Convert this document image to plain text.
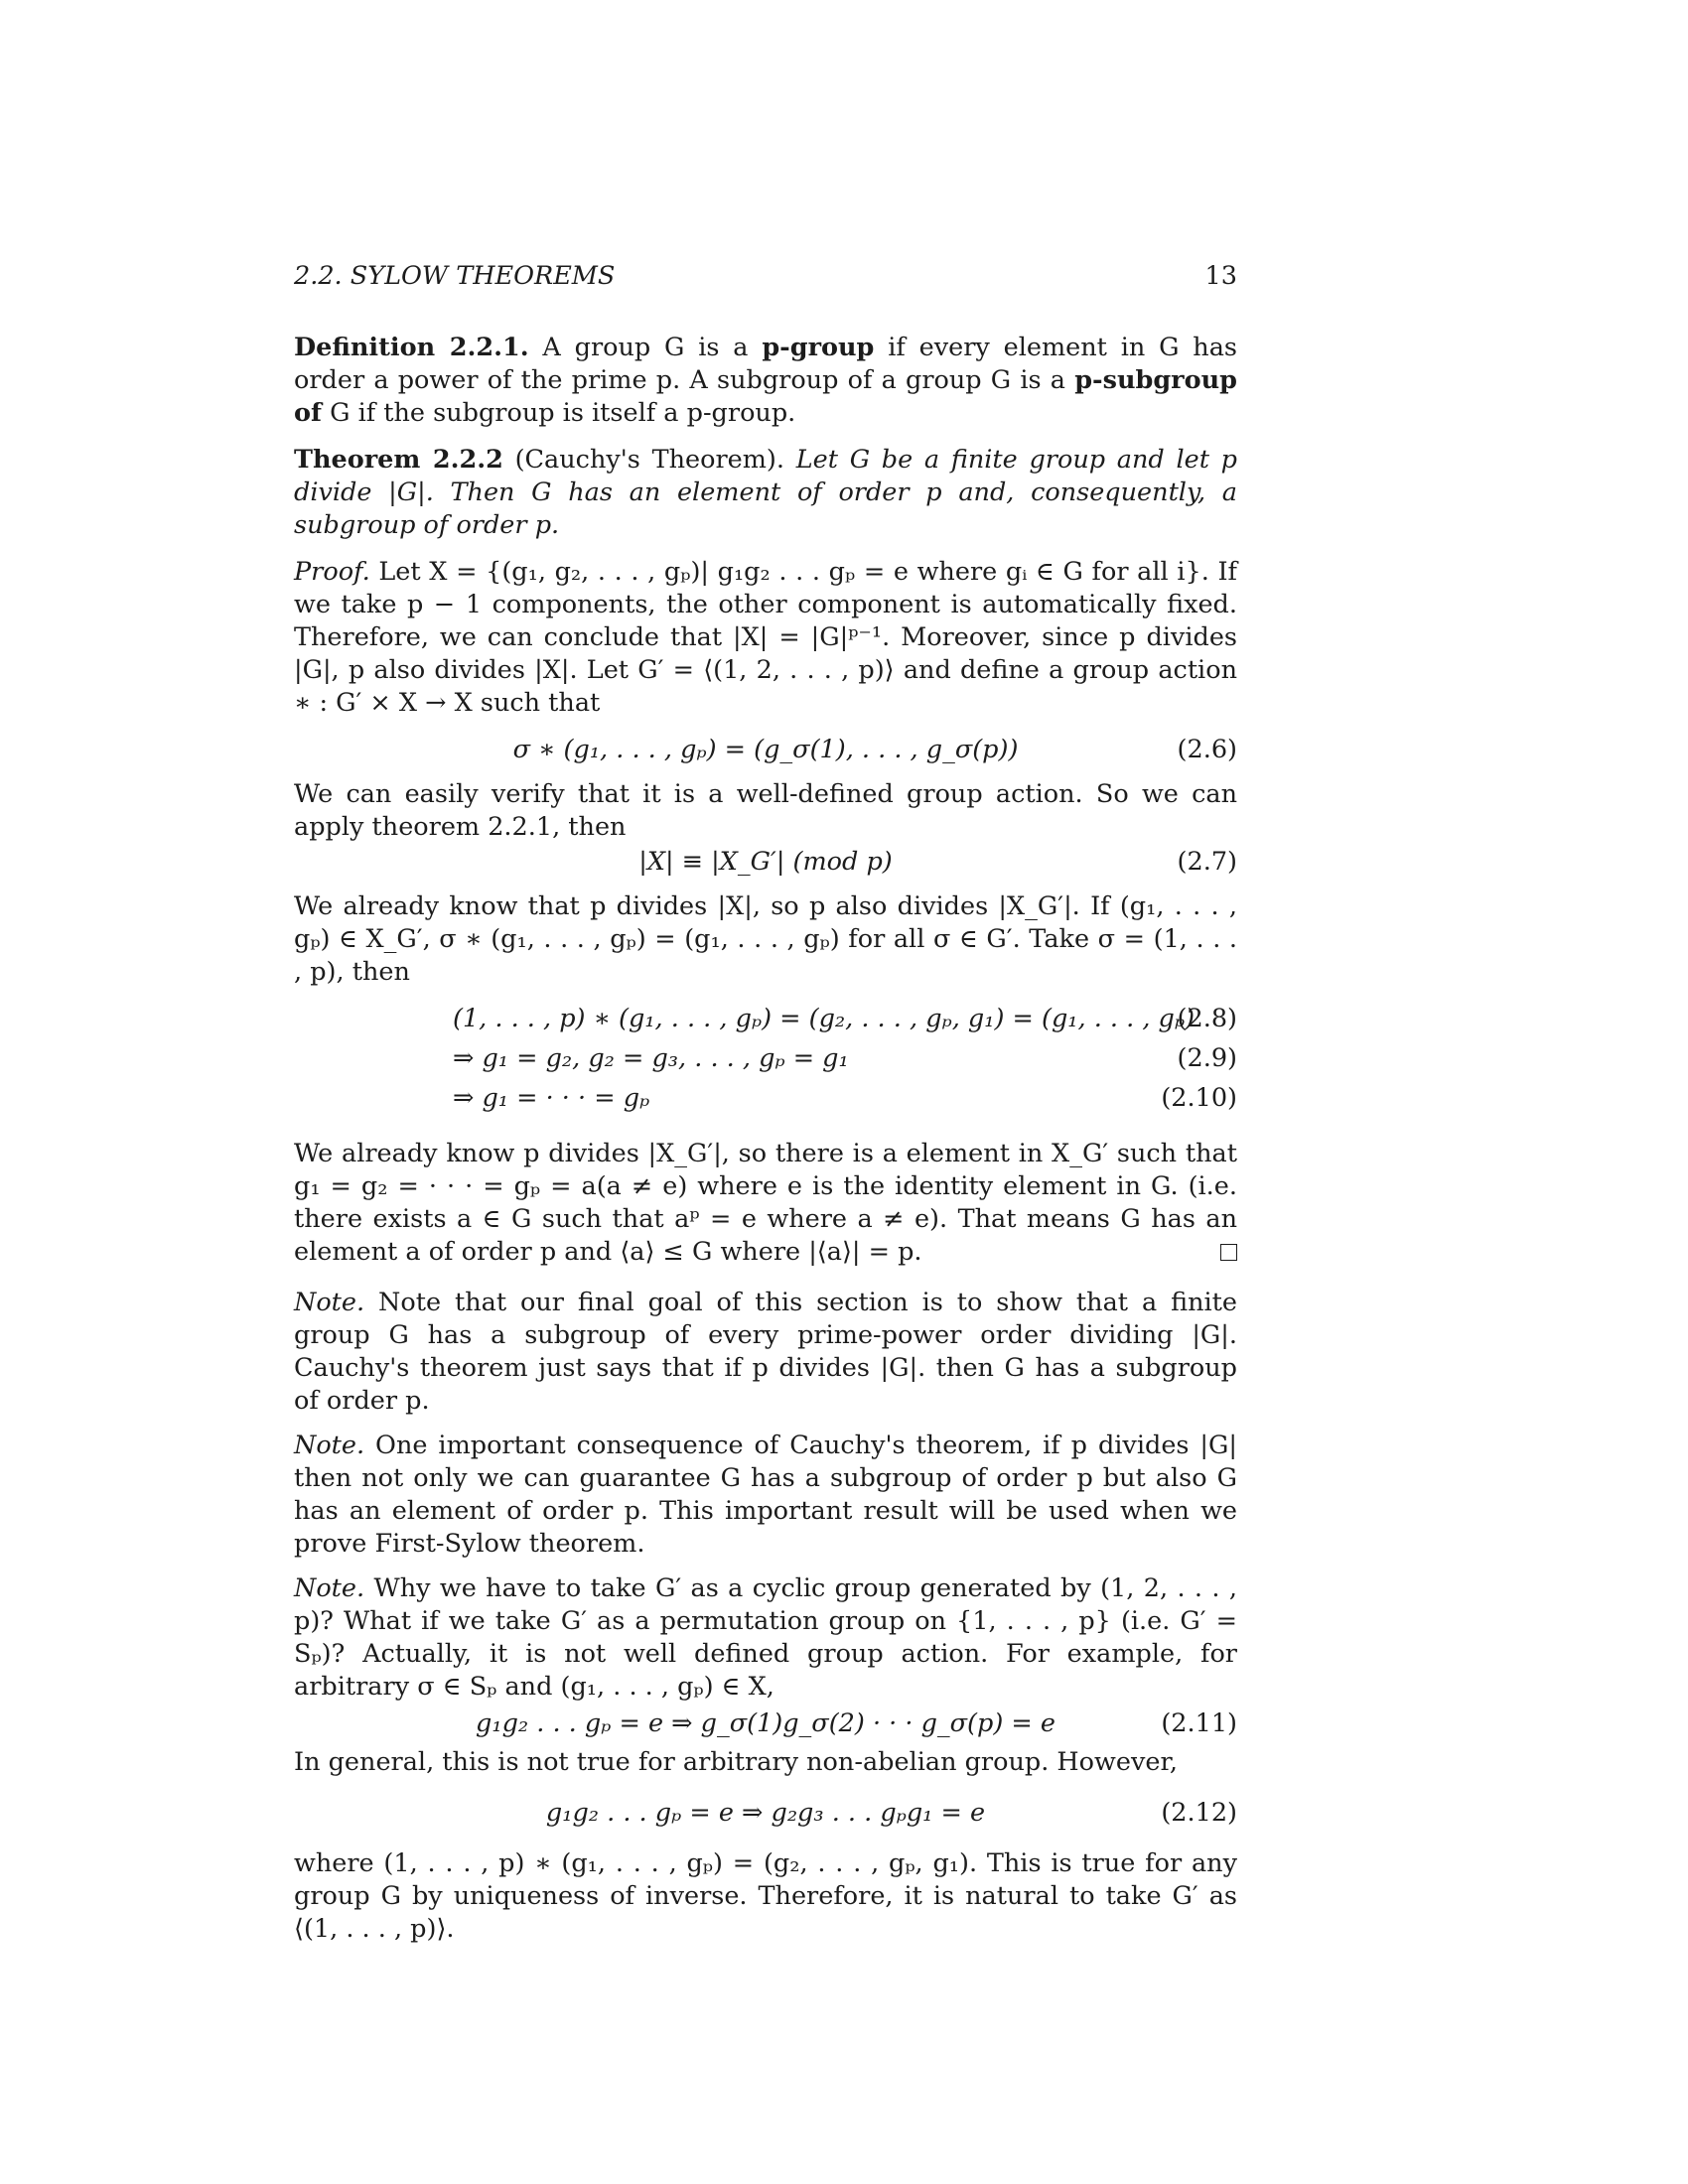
2.2. SYLOW THEOREMS	13

Definition 2.2.1. A group G is a p-group if every element in G has order a power of the prime p. A subgroup of a group G is a p-subgroup of G if the subgroup is itself a p-group.

Theorem 2.2.2 (Cauchy's Theorem). Let G be a finite group and let p divide |G|. Then G has an element of order p and, consequently, a subgroup of order p.

Proof. Let X = {(g₁, g₂, . . . , gₚ)| g₁g₂ . . . gₚ = e where gᵢ ∈ G for all i}. If we take p − 1 components, the other component is automatically fixed. Therefore, we can conclude that |X| = |G|ᵖ⁻¹. Moreover, since p divides |G|, p also divides |X|. Let G′ = ⟨(1, 2, . . . , p)⟩ and define a group action ∗ : G′ × X → X such that

σ ∗ (g₁, . . . , gₚ) = (g_σ(1), . . . , g_σ(p))	(2.6)

We can easily verify that it is a well-defined group action. So we can apply theorem 2.2.1, then

|X| ≡ |X_G′| (mod p)	(2.7)

We already know that p divides |X|, so p also divides |X_G′|. If (g₁, . . . , gₚ) ∈ X_G′, σ ∗ (g₁, . . . , gₚ) = (g₁, . . . , gₚ) for all σ ∈ G′. Take σ = (1, . . . , p), then

(1, . . . , p) ∗ (g₁, . . . , gₚ) = (g₂, . . . , gₚ, g₁) = (g₁, . . . , gₚ)
(2.8)
⇒ g₁ = g₂, g₂ = g₃, . . . , gₚ = g₁	(2.9)
⇒ g₁ = · · · = gₚ	(2.10)

We already know p divides |X_G′|, so there is a element in X_G′ such that g₁ = g₂ = · · · = gₚ = a(a ≠ e) where e is the identity element in G. (i.e. there exists a ∈ G such that aᵖ = e where a ≠ e). That means G has an element a of order p and ⟨a⟩ ≤ G where |⟨a⟩| = p.

Note. Note that our final goal of this section is to show that a finite group G has a subgroup of every prime-power order dividing |G|. Cauchy's theorem just says that if p divides |G|. then G has a subgroup of order p.

Note. One important consequence of Cauchy's theorem, if p divides |G| then not only we can guarantee G has a subgroup of order p but also G has an element of order p. This important result will be used when we prove First-Sylow theorem.

Note. Why we have to take G′ as a cyclic group generated by (1, 2, . . . , p)? What if we take G′ as a permutation group on {1, . . . , p} (i.e. G′ = Sₚ)? Actually, it is not well defined group action. For example, for arbitrary σ ∈ Sₚ and (g₁, . . . , gₚ) ∈ X,

g₁g₂ . . . gₚ = e ⇒ g_σ(1)g_σ(2) · · · g_σ(p) = e	(2.11)

In general, this is not true for arbitrary non-abelian group. However,

g₁g₂ . . . gₚ = e ⇒ g₂g₃ . . . gₚg₁ = e	(2.12)

where (1, . . . , p) ∗ (g₁, . . . , gₚ) = (g₂, . . . , gₚ, g₁). This is true for any group G by uniqueness of inverse. Therefore, it is natural to take G′ as ⟨(1, . . . , p)⟩.
